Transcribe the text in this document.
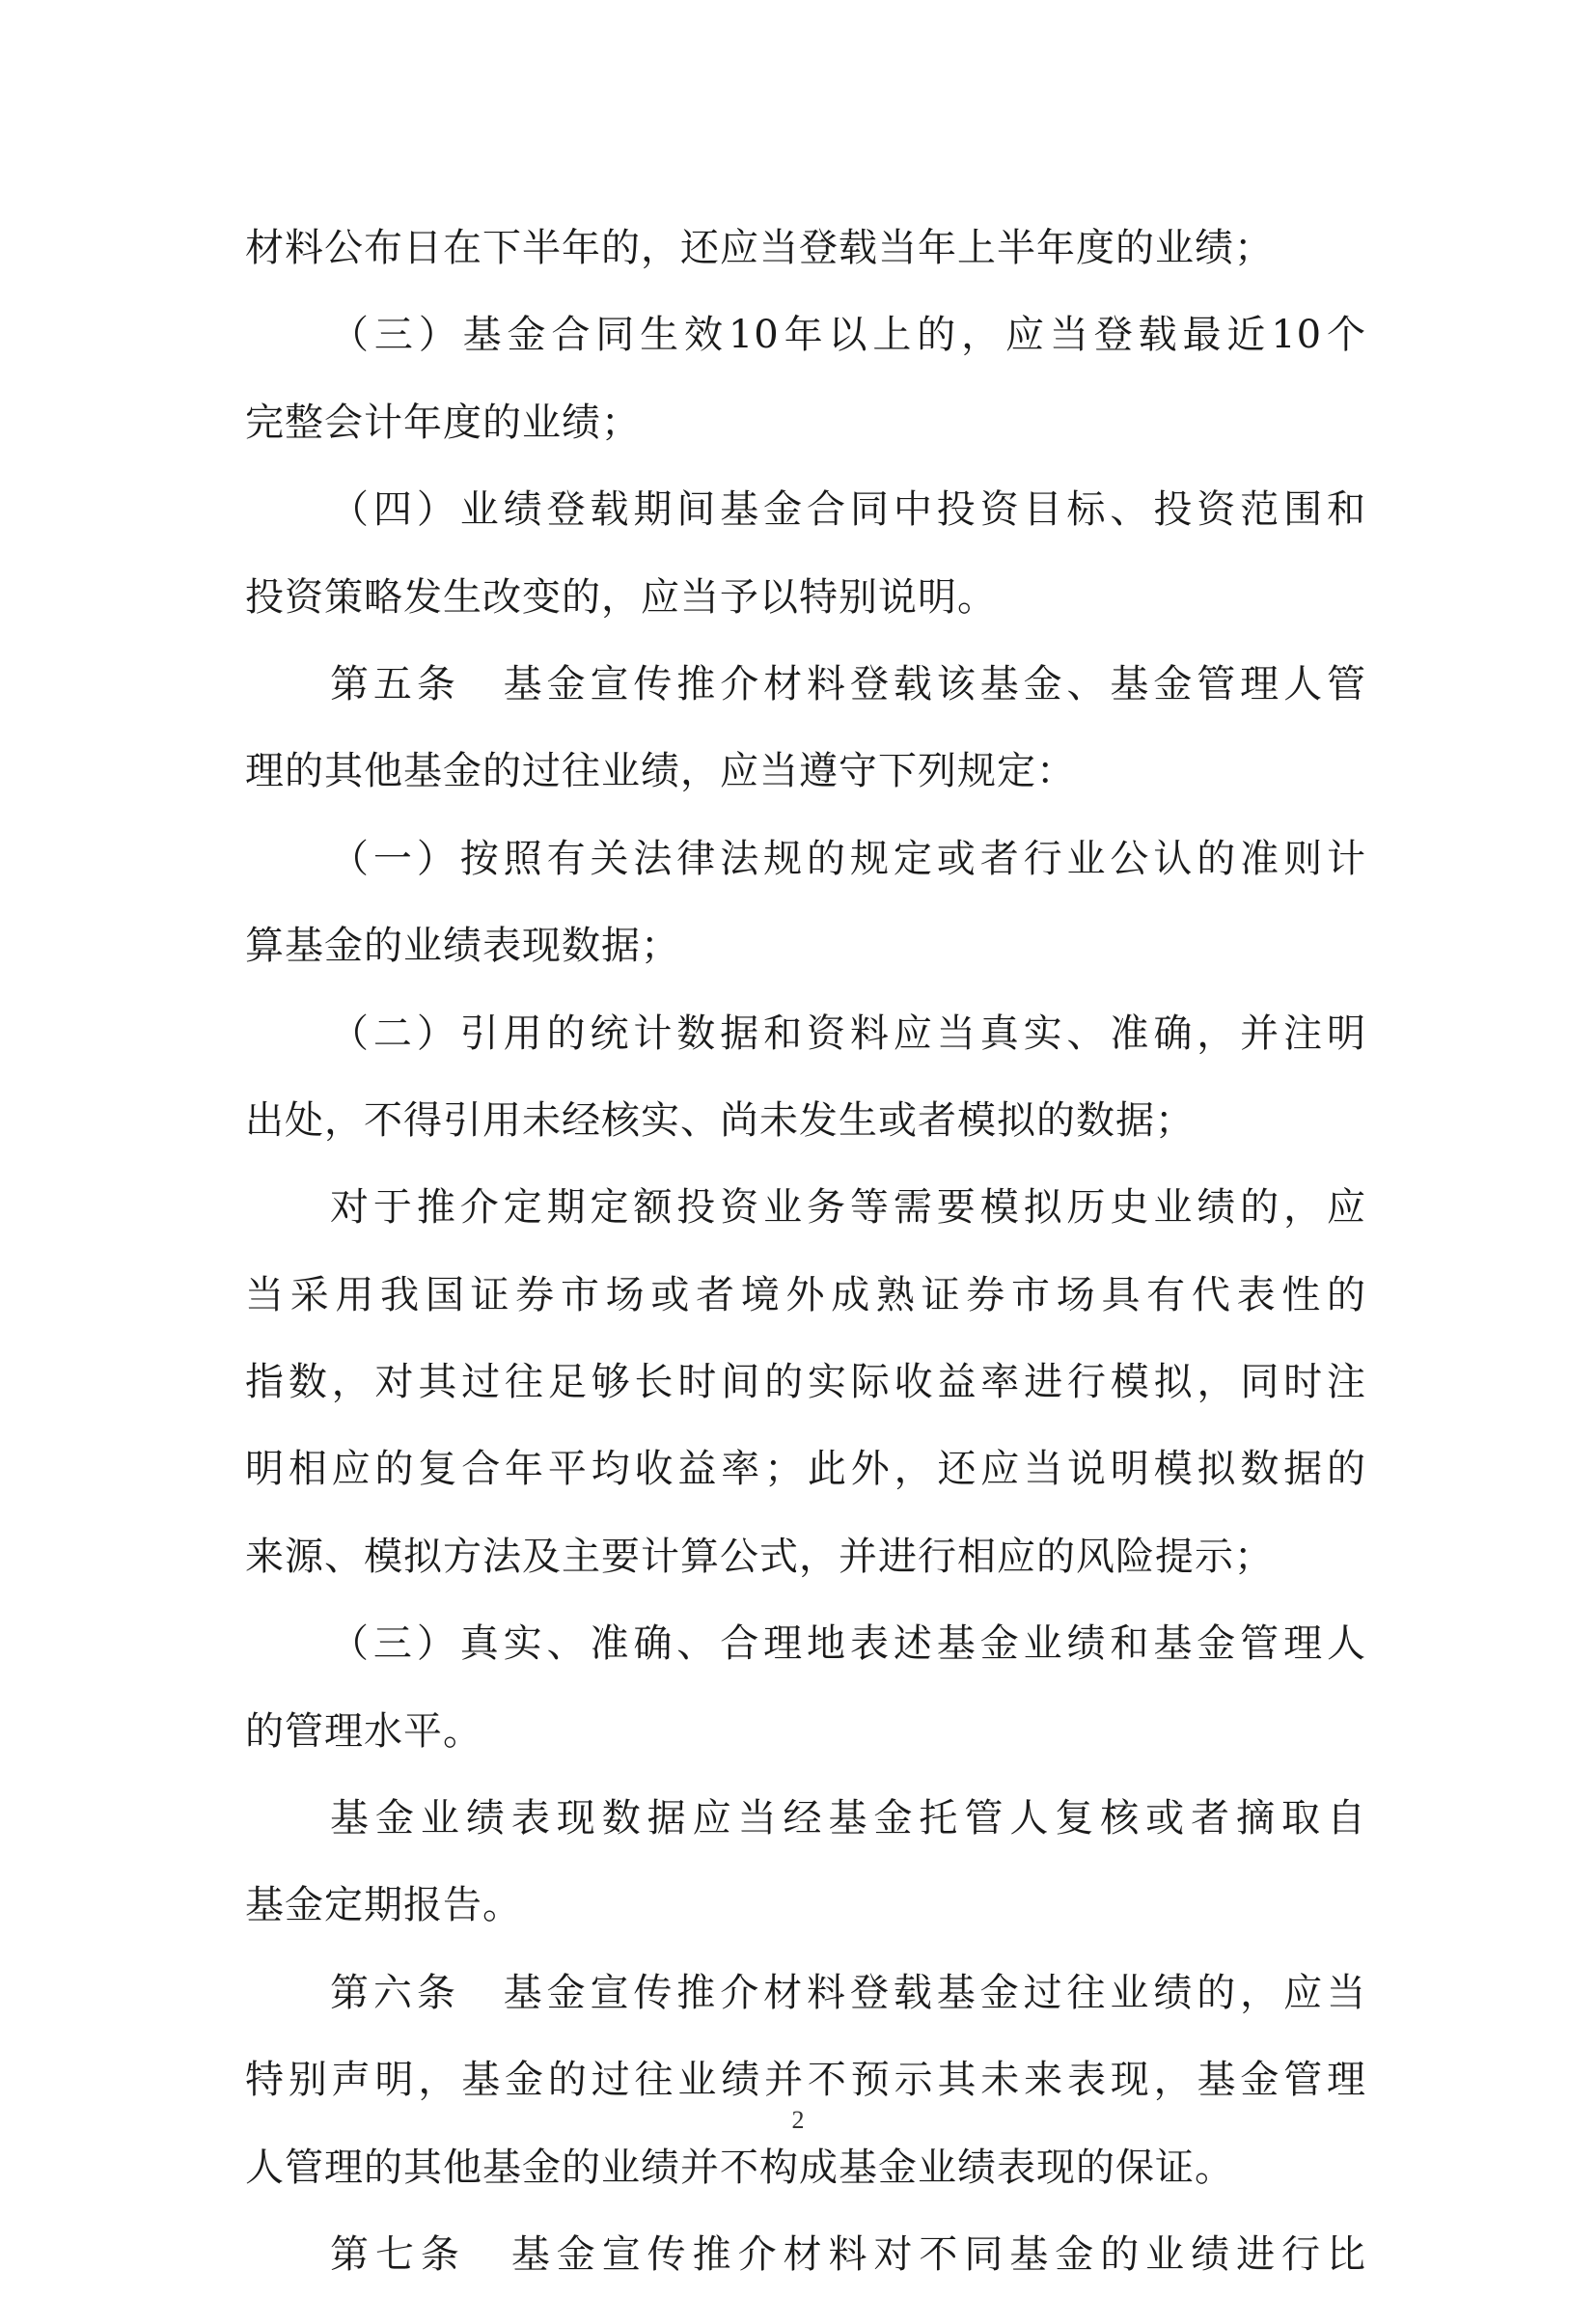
材料公布日在下半年的，还应当登载当年上半年度的业绩；
（三）基金合同生效10年以上的，应当登载最近10个
完整会计年度的业绩；
（四）业绩登载期间基金合同中投资目标、投资范围和
投资策略发生改变的，应当予以特别说明。
第五条　基金宣传推介材料登载该基金、基金管理人管
理的其他基金的过往业绩，应当遵守下列规定：
（一）按照有关法律法规的规定或者行业公认的准则计
算基金的业绩表现数据；
（二）引用的统计数据和资料应当真实、准确，并注明
出处，不得引用未经核实、尚未发生或者模拟的数据；
对于推介定期定额投资业务等需要模拟历史业绩的，应
当采用我国证券市场或者境外成熟证券市场具有代表性的
指数，对其过往足够长时间的实际收益率进行模拟，同时注
明相应的复合年平均收益率；此外，还应当说明模拟数据的
来源、模拟方法及主要计算公式，并进行相应的风险提示；
（三）真实、准确、合理地表述基金业绩和基金管理人
的管理水平。
基金业绩表现数据应当经基金托管人复核或者摘取自
基金定期报告。
第六条　基金宣传推介材料登载基金过往业绩的，应当
特别声明，基金的过往业绩并不预示其未来表现，基金管理
人管理的其他基金的业绩并不构成基金业绩表现的保证。
第七条　基金宣传推介材料对不同基金的业绩进行比
2
